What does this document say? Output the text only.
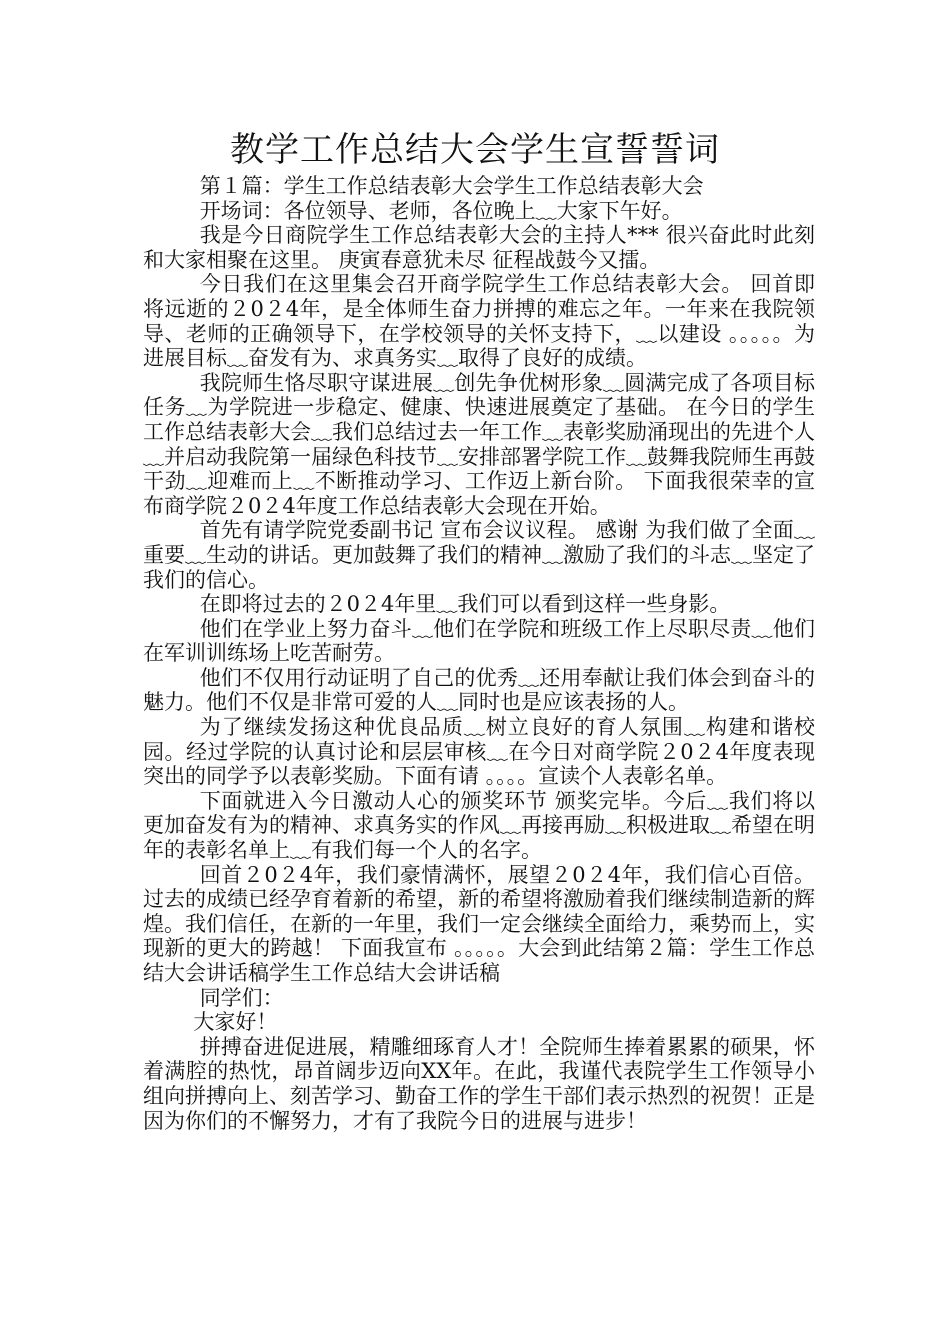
教学工作总结大会学生宣誓誓词

第１篇：学生工作总结表彰大会学生工作总结表彰大会

开场词：各位领导、老师，各位晚上﹏大家下午好。

我是今日商院学生工作总结表彰大会的主持人*** 很兴奋此时此刻和大家相聚在这里。 庚寅春意犹未尽 征程战鼓今又擂。

今日我们在这里集会召开商学院学生工作总结表彰大会。 回首即将远逝的２0２4年，是全体师生奋力拼搏的难忘之年。一年来在我院领导、老师的正确领导下，在学校领导的关怀支持下，﹏以建设 。。。。。为进展目标﹏奋发有为、求真务实﹏取得了良好的成绩。

我院师生恪尽职守谋进展﹏创先争优树形象﹏圆满完成了各项目标任务﹏为学院进一步稳定、健康、快速进展奠定了基础。 在今日的学生工作总结表彰大会﹏我们总结过去一年工作﹏表彰奖励涌现出的先进个人﹏并启动我院第一届绿色科技节﹏安排部署学院工作﹏鼓舞我院师生再鼓干劲﹏迎难而上﹏不断推动学习、工作迈上新台阶。 下面我很荣幸的宣布商学院２0２4年度工作总结表彰大会现在开始。

首先有请学院党委副书记 宣布会议议程。 感谢 为我们做了全面﹏重要﹏生动的讲话。更加鼓舞了我们的精神﹏激励了我们的斗志﹏坚定了我们的信心。

在即将过去的２0２4年里﹏我们可以看到这样一些身影。

他们在学业上努力奋斗﹏他们在学院和班级工作上尽职尽责﹏他们在军训训练场上吃苦耐劳。

他们不仅用行动证明了自己的优秀﹏还用奉献让我们体会到奋斗的魅力。他们不仅是非常可爱的人﹏同时也是应该表扬的人。

为了继续发扬这种优良品质﹏树立良好的育人氛围﹏构建和谐校园。经过学院的认真讨论和层层审核﹏在今日对商学院２0２4年度表现突出的同学予以表彰奖励。下面有请 。。。。宣读个人表彰名单。

下面就进入今日激动人心的颁奖环节 颁奖完毕。今后﹏我们将以更加奋发有为的精神、求真务实的作风﹏再接再励﹏积极进取﹏希望在明年的表彰名单上﹏有我们每一个人的名字。

回首２0２4年，我们豪情满怀，展望２0２4年，我们信心百倍。过去的成绩已经孕育着新的希望，新的希望将激励着我们继续制造新的辉煌。我们信任，在新的一年里，我们一定会继续全面给力，乘势而上，实现新的更大的跨越！ 下面我宣布 。。。。。大会到此结第２篇：学生工作总结大会讲话稿学生工作总结大会讲话稿

同学们：

大家好！

拼搏奋进促进展，精雕细琢育人才！全院师生捧着累累的硕果，怀着满腔的热忱，昂首阔步迈向XX年。在此，我谨代表院学生工作领导小组向拼搏向上、刻苦学习、勤奋工作的学生干部们表示热烈的祝贺！正是因为你们的不懈努力，才有了我院今日的进展与进步！
